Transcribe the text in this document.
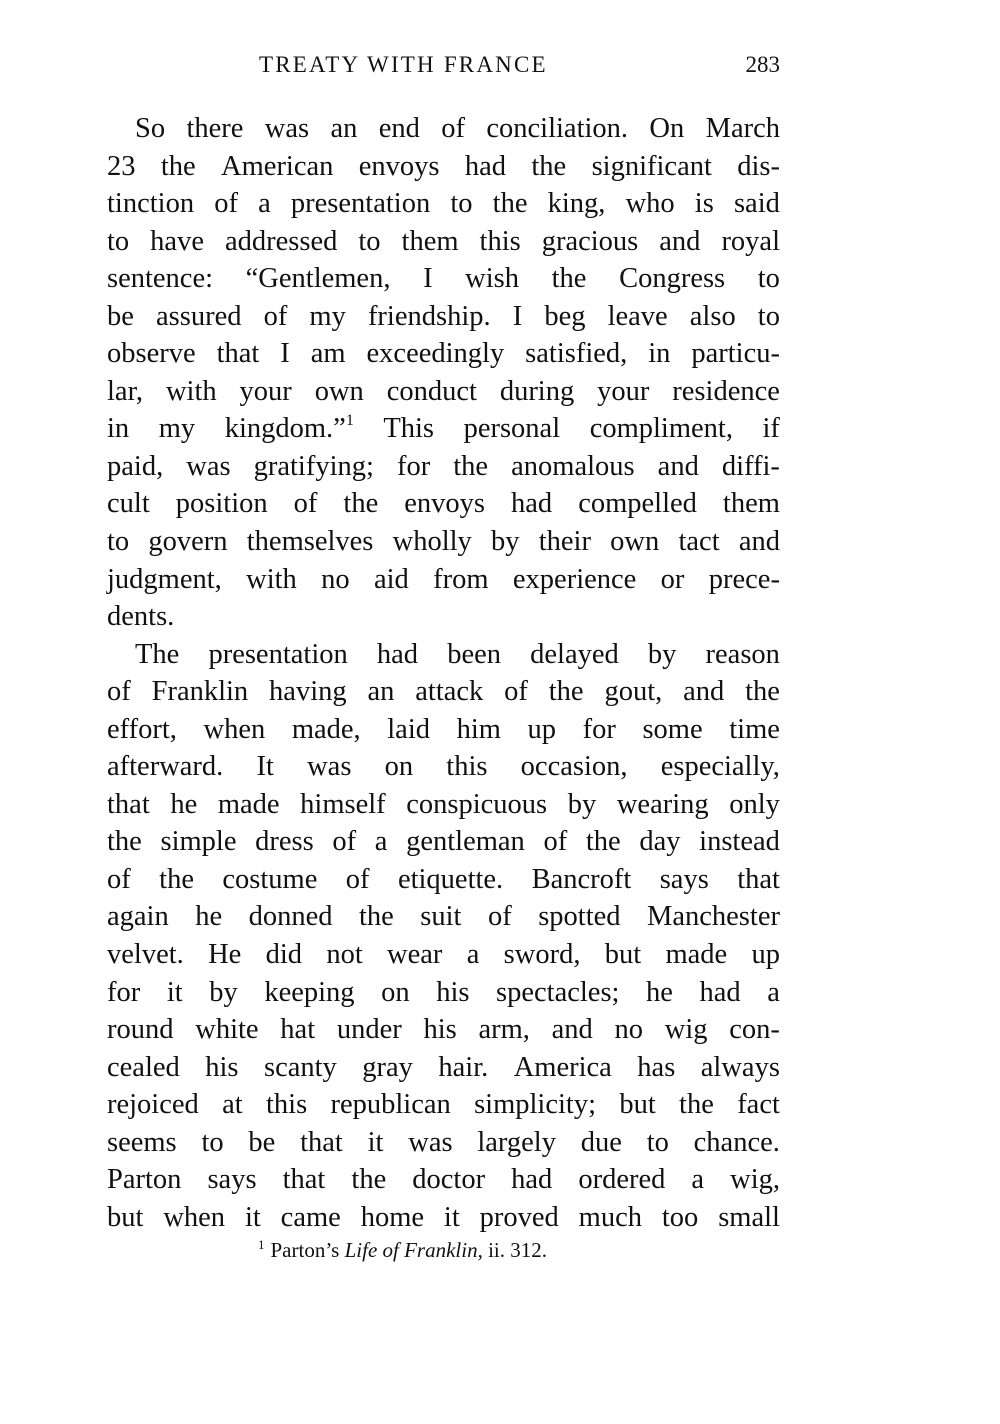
TREATY WITH FRANCE	283
So there was an end of conciliation. On March
23 the American envoys had the significant dis-
tinction of a presentation to the king, who is said
to have addressed to them this gracious and royal
sentence: “Gentlemen, I wish the Congress to
be assured of my friendship. I beg leave also to
observe that I am exceedingly satisfied, in particu-
lar, with your own conduct during your residence
in my kingdom.”$^1$ This personal compliment, if
paid, was gratifying; for the anomalous and diffi-
cult position of the envoys had compelled them
to govern themselves wholly by their own tact and
judgment, with no aid from experience or prece-
dents.
The presentation had been delayed by reason
of Franklin having an attack of the gout, and the
effort, when made, laid him up for some time
afterward. It was on this occasion, especially,
that he made himself conspicuous by wearing only
the simple dress of a gentleman of the day instead
of the costume of etiquette. Bancroft says that
again he donned the suit of spotted Manchester
velvet. He did not wear a sword, but made up
for it by keeping on his spectacles; he had a
round white hat under his arm, and no wig con-
cealed his scanty gray hair. America has always
rejoiced at this republican simplicity; but the fact
seems to be that it was largely due to chance.
Parton says that the doctor had ordered a wig,
but when it came home it proved much too small
$^1$ Parton’s Life of Franklin, ii. 312.
